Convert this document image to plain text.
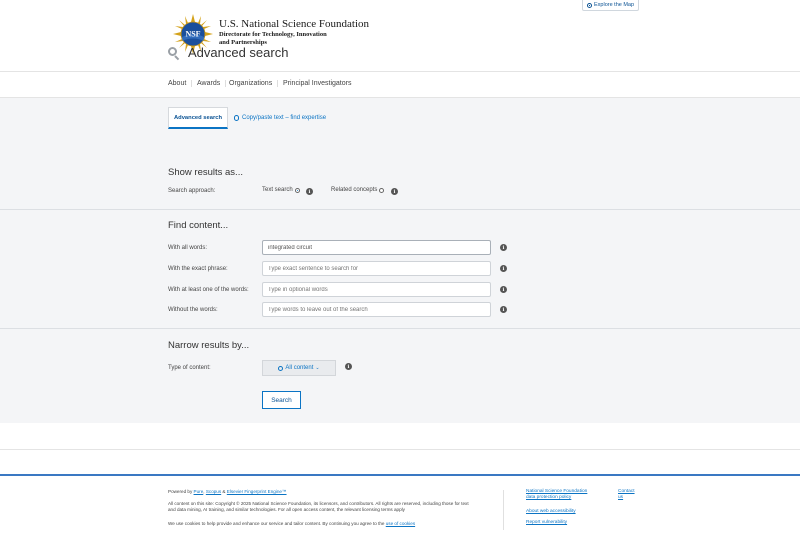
Explore the Map
NSF
U.S. National Science Foundation
Directorate for Technology, Innovation
and Partnerships
About	Awards	Organizations	Principal Investigators
Advanced search	Copy/paste text – find expertise
Advanced search
Show results as...
Search approach:	Text search	i	Related concepts	i
Find content...
With all words:
integrated circuit	i
With the exact phrase:
Type exact sentence to search for	i
With at least one of the words:
Type in optional words	i
Without the words:
Type words to leave out of the search	i
Narrow results by...
Type of content:	All content ⌄	i
Search
Powered by Pure, Scopus & Elsevier Fingerprint Engine™
All content on this site: Copyright © 2025 National Science Foundation, its licensors, and contributors. All rights are reserved, including those for text
and data mining, AI training, and similar technologies. For all open access content, the relevant licensing terms apply
We use cookies to help provide and enhance our service and tailor content. By continuing you agree to the use of cookies
National Science Foundation
data protection policy
About web accessibility
Report vulnerability
Contact
us
